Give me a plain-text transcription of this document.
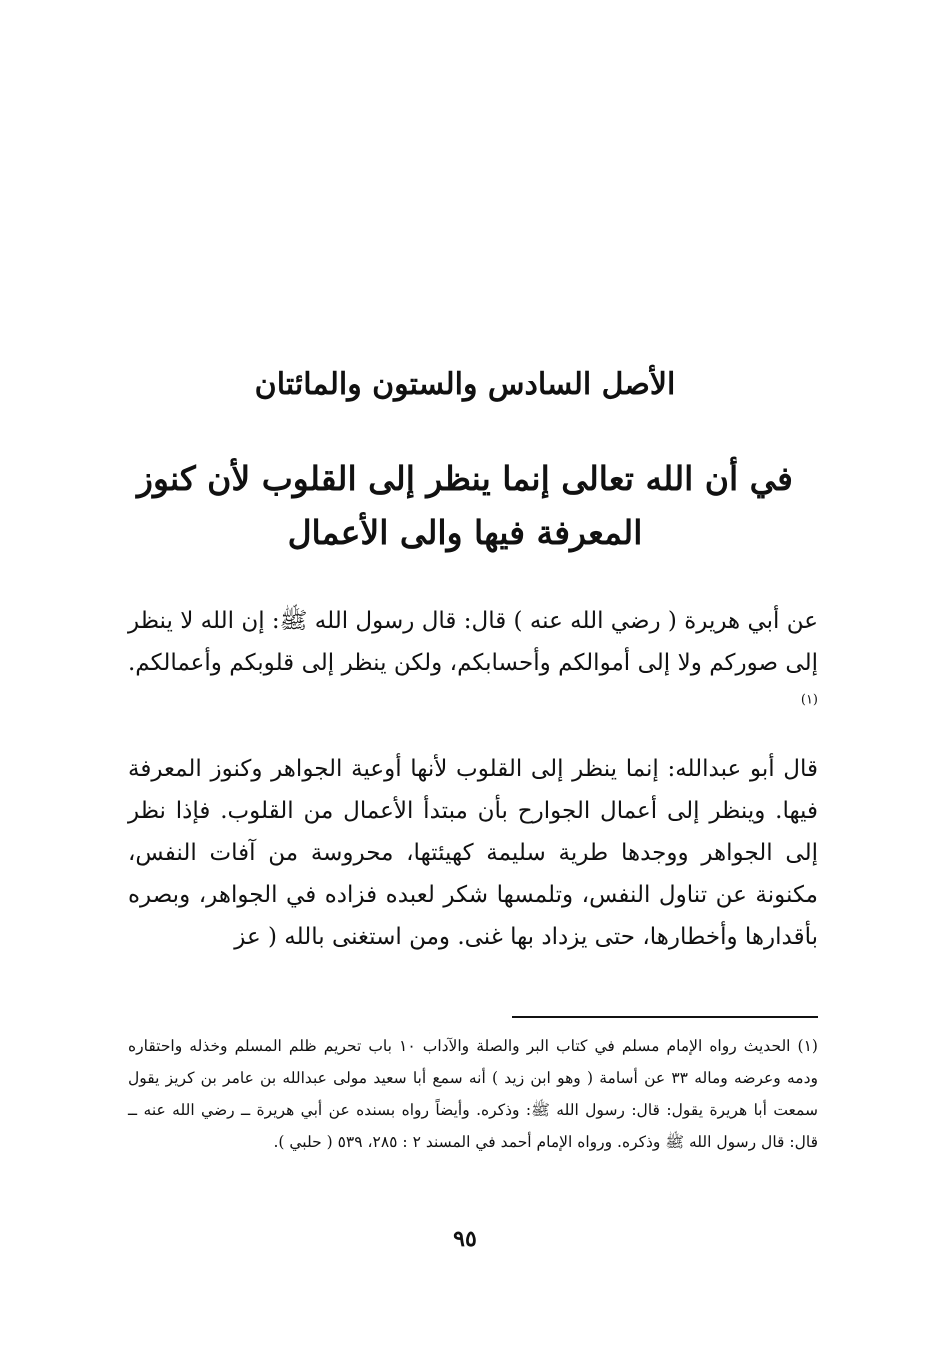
الأصل السادس والستون والمائتان
في أن الله تعالى إنما ينظر إلى القلوب لأن كنوز المعرفة فيها والى الأعمال

عن أبي هريرة ( رضي الله عنه ) قال: قال رسول الله ﷺ: إن الله لا ينظر إلى صوركم ولا إلى أموالكم وأحسابكم، ولكن ينظر إلى قلوبكم وأعمالكم.$^{(١)}$

قال أبو عبدالله: إنما ينظر إلى القلوب لأنها أوعية الجواهر وكنوز المعرفة فيها. وينظر إلى أعمال الجوارح بأن مبتدأ الأعمال من القلوب. فإذا نظر إلى الجواهر ووجدها طرية سليمة كهيئتها، محروسة من آفات النفس، مكنونة عن تناول النفس، وتلمسها شكر لعبده فزاده في الجواهر، وبصره بأقدارها وأخطارها، حتى يزداد بها غنى. ومن استغنى بالله ( عز

(١) الحديث رواه الإمام مسلم في كتاب البر والصلة والآداب ١٠ باب تحريم ظلم المسلم وخذله واحتقاره ودمه وعرضه وماله ٣٣ عن أسامة ( وهو ابن زيد ) أنه سمع أبا سعيد مولى عبدالله بن عامر بن كريز يقول سمعت أبا هريرة يقول: قال: رسول الله ﷺ: وذكره. وأيضاً رواه بسنده عن أبي هريرة ــ رضي الله عنه ــ قال: قال رسول الله ﷺ وذكره. ورواه الإمام أحمد في المسند ٢ : ٢٨٥، ٥٣٩ ( حلبي ).

٩٥
